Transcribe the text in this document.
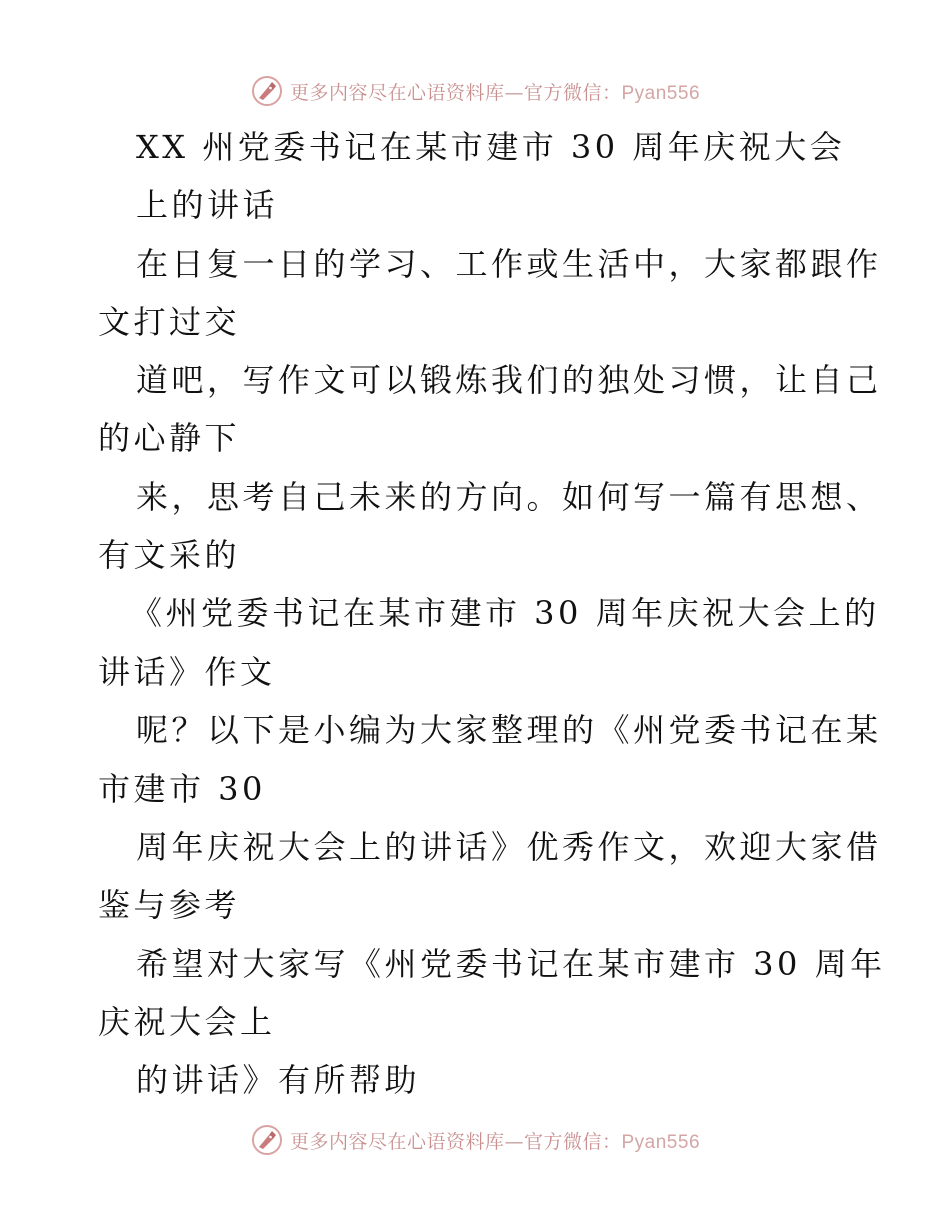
更多内容尽在心语资料库—官方微信：Pyan556
XX 州党委书记在某市建市 30 周年庆祝大会
上的讲话
在日复一日的学习、工作或生活中，大家都跟作
文打过交
道吧，写作文可以锻炼我们的独处习惯，让自己
的心静下
来，思考自己未来的方向。如何写一篇有思想、
有文采的
《州党委书记在某市建市 30 周年庆祝大会上的
讲话》作文
呢？以下是小编为大家整理的《州党委书记在某
市建市 30
周年庆祝大会上的讲话》优秀作文，欢迎大家借
鉴与参考
希望对大家写《州党委书记在某市建市 30 周年
庆祝大会上
的讲话》有所帮助
更多内容尽在心语资料库—官方微信：Pyan556
